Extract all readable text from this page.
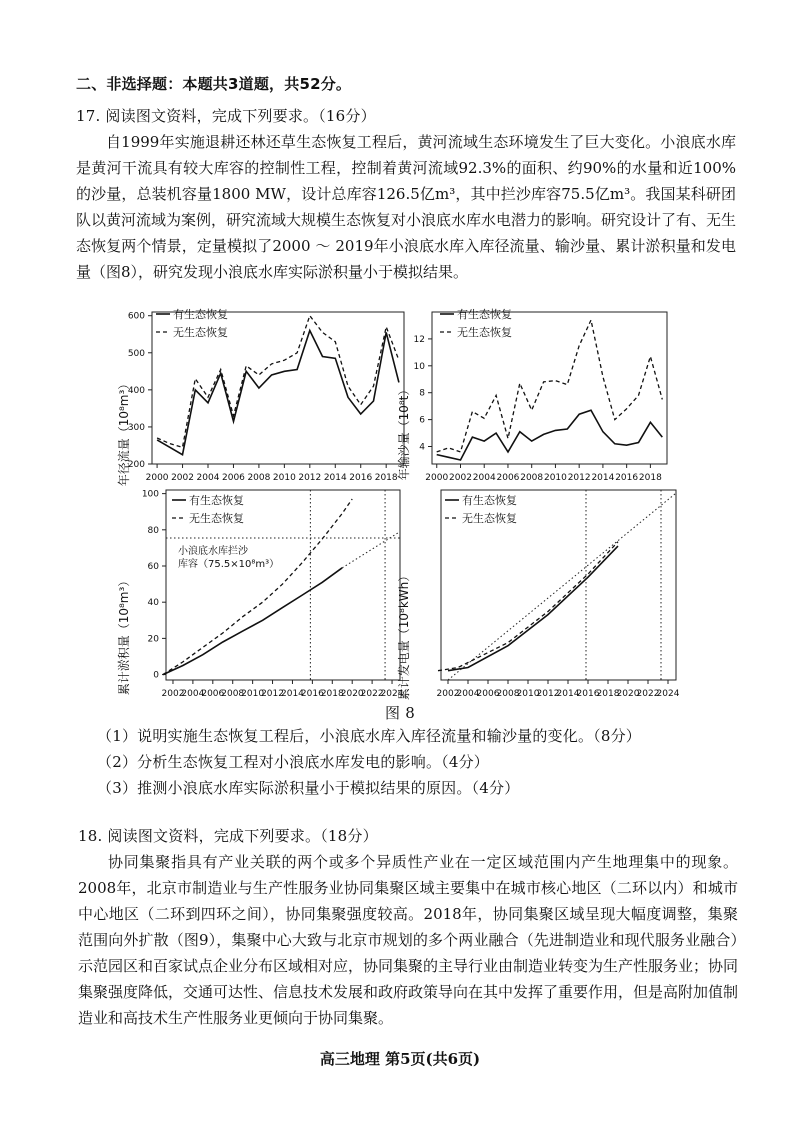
二、非选择题：本题共3道题，共52分。
17. 阅读图文资料，完成下列要求。（16分）

自1999年实施退耕还林还草生态恢复工程后，黄河流域生态环境发生了巨大变化。小浪底水库是黄河干流具有较大库容的控制性工程，控制着黄河流域92.3%的面积、约90%的水量和近100%的沙量，总装机容量1800 MW，设计总库容126.5亿m³，其中拦沙库容75.5亿m³。我国某科研团队以黄河流域为案例，研究流域大规模生态恢复对小浪底水库水电潜力的影响。研究设计了有、无生态恢复两个情景，定量模拟了2000 ～ 2019年小浪底水库入库径流量、输沙量、累计淤积量和发电量（图8），研究发现小浪底水库实际淤积量小于模拟结果。

年径流量（10⁸m³） 2000 2002 2004 2006 2008 2010 2012 2014 2016 2018
200
300
400
500
600	有生态恢复
无生态恢复
年输沙量（10⁸t） 2000 2002 2004 2006 2008 2010 2012 2014 2016 2018
4
6
8
10
12
有生态恢复
无生态恢复
累计淤积量（10⁸m³）	2002
2004
2006
2008
2010
2012
2014
2016
2018
2020
2022
2024
0
20
40
60
80
100	有生态恢复
无生态恢复
小浪底水库拦沙库容（75.5×10⁸m³）
累计发电量（10⁸kWh）	2002
2004
2006
2008
2010
2012
2014
2016
2018
2020
2022
2024
有生态恢复
无生态恢复
图 8
（1）说明实施生态恢复工程后，小浪底水库入库径流量和输沙量的变化。（8分）
（2）分析生态恢复工程对小浪底水库发电的影响。（4分）
（3）推测小浪底水库实际淤积量小于模拟结果的原因。（4分）
18. 阅读图文资料，完成下列要求。（18分）

协同集聚指具有产业关联的两个或多个异质性产业在一定区域范围内产生地理集中的现象。2008年，北京市制造业与生产性服务业协同集聚区域主要集中在城市核心地区（二环以内）和城市中心地区（二环到四环之间），协同集聚强度较高。2018年，协同集聚区域呈现大幅度调整，集聚范围向外扩散（图9），集聚中心大致与北京市规划的多个两业融合（先进制造业和现代服务业融合）示范园区和百家试点企业分布区域相对应，协同集聚的主导行业由制造业转变为生产性服务业；协同集聚强度降低，交通可达性、信息技术发展和政府政策导向在其中发挥了重要作用，但是高附加值制造业和高技术生产性服务业更倾向于协同集聚。

高三地理 第5页(共6页)
